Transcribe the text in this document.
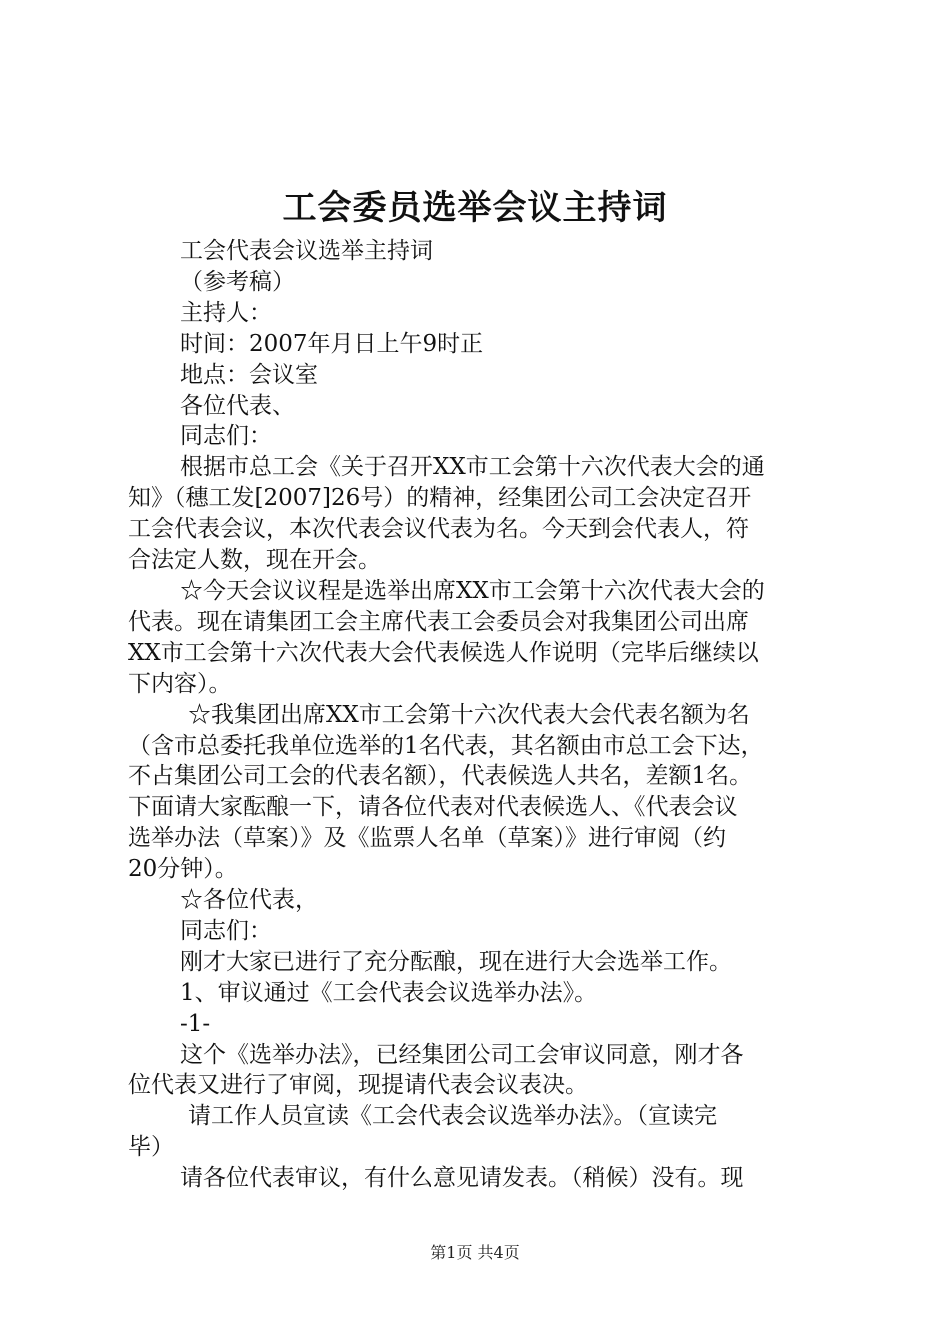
工会委员选举会议主持词
工会代表会议选举主持词
（参考稿）
主持人：
时间：2007年月日上午9时正
地点：会议室
各位代表、
同志们：
根据市总工会《关于召开XX市工会第十六次代表大会的通
知》（穗工发[2007]26号）的精神，经集团公司工会决定召开
工会代表会议，本次代表会议代表为名。今天到会代表人，符
合法定人数，现在开会。
☆今天会议议程是选举出席XX市工会第十六次代表大会的
代表。现在请集团工会主席代表工会委员会对我集团公司出席
XX市工会第十六次代表大会代表候选人作说明（完毕后继续以
下内容）。
☆我集团出席XX市工会第十六次代表大会代表名额为名
（含市总委托我单位选举的1名代表，其名额由市总工会下达，
不占集团公司工会的代表名额），代表候选人共名，差额1名。
下面请大家酝酿一下，请各位代表对代表候选人、《代表会议
选举办法（草案）》及《监票人名单（草案）》进行审阅（约
20分钟）。
☆各位代表，
同志们：
刚才大家已进行了充分酝酿，现在进行大会选举工作。
1、审议通过《工会代表会议选举办法》。
-1-
这个《选举办法》，已经集团公司工会审议同意，刚才各
位代表又进行了审阅，现提请代表会议表决。
请工作人员宣读《工会代表会议选举办法》。（宣读完
毕）
请各位代表审议，有什么意见请发表。（稍候）没有。现
第1页 共4页
